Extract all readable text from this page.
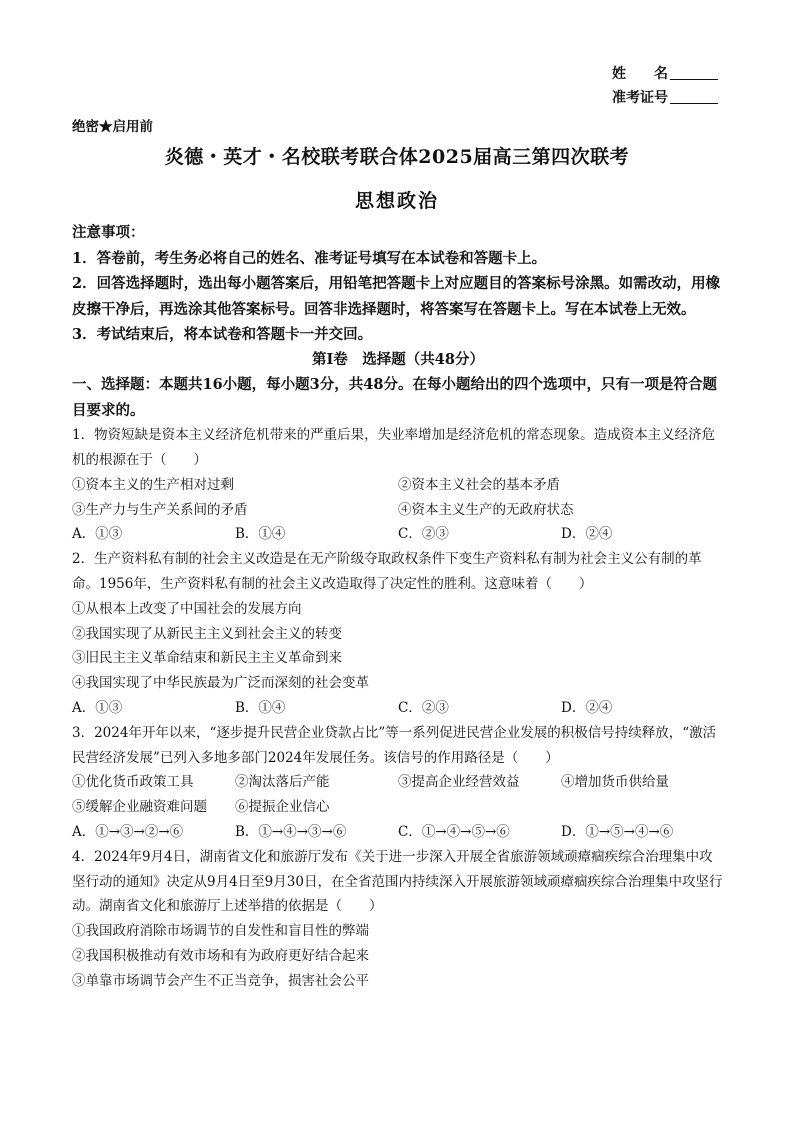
姓　　名
准考证号
绝密★启用前
炎德・英才・名校联考联合体2025届高三第四次联考
思想政治
注意事项：
1．答卷前，考生务必将自己的姓名、准考证号填写在本试卷和答题卡上。
2．回答选择题时，选出每小题答案后，用铅笔把答题卡上对应题目的答案标号涂黑。如需改动，用橡皮擦干净后，再选涂其他答案标号。回答非选择题时，将答案写在答题卡上。写在本试卷上无效。
3．考试结束后，将本试卷和答题卡一并交回。
第Ⅰ卷　选择题（共48分）
一、选择题：本题共16小题，每小题3分，共48分。在每小题给出的四个选项中，只有一项是符合题目要求的。
1．物资短缺是资本主义经济危机带来的严重后果，失业率增加是经济危机的常态现象。造成资本主义经济危机的根源在于（　　）
①资本主义的生产相对过剩	②资本主义社会的基本矛盾
③生产力与生产关系间的矛盾	④资本主义生产的无政府状态
A．①③	B．①④	C．②③	D．②④
2．生产资料私有制的社会主义改造是在无产阶级夺取政权条件下变生产资料私有制为社会主义公有制的革命。1956年，生产资料私有制的社会主义改造取得了决定性的胜利。这意味着（　　）
①从根本上改变了中国社会的发展方向
②我国实现了从新民主主义到社会主义的转变
③旧民主主义革命结束和新民主主义革命到来
④我国实现了中华民族最为广泛而深刻的社会变革
A．①③	B．①④	C．②③	D．②④
3．2024年开年以来，“逐步提升民营企业贷款占比”等一系列促进民营企业发展的积极信号持续释放，“激活民营经济发展”已列入多地多部门2024年发展任务。该信号的作用路径是（　　）
①优化货币政策工具	②淘汰落后产能	③提高企业经营效益	④增加货币供给量
⑤缓解企业融资难问题	⑥提振企业信心
A．①→③→②→⑥	B．①→④→③→⑥	C．①→④→⑤→⑥	D．①→⑤→④→⑥
4．2024年9月4日，湖南省文化和旅游厅发布《关于进一步深入开展全省旅游领域顽瘴痼疾综合治理集中攻坚行动的通知》决定从9月4日至9月30日，在全省范围内持续深入开展旅游领域顽瘴痼疾综合治理集中攻坚行动。湖南省文化和旅游厅上述举措的依据是（　　）
①我国政府消除市场调节的自发性和盲目性的弊端
②我国积极推动有效市场和有为政府更好结合起来
③单靠市场调节会产生不正当竞争，损害社会公平
